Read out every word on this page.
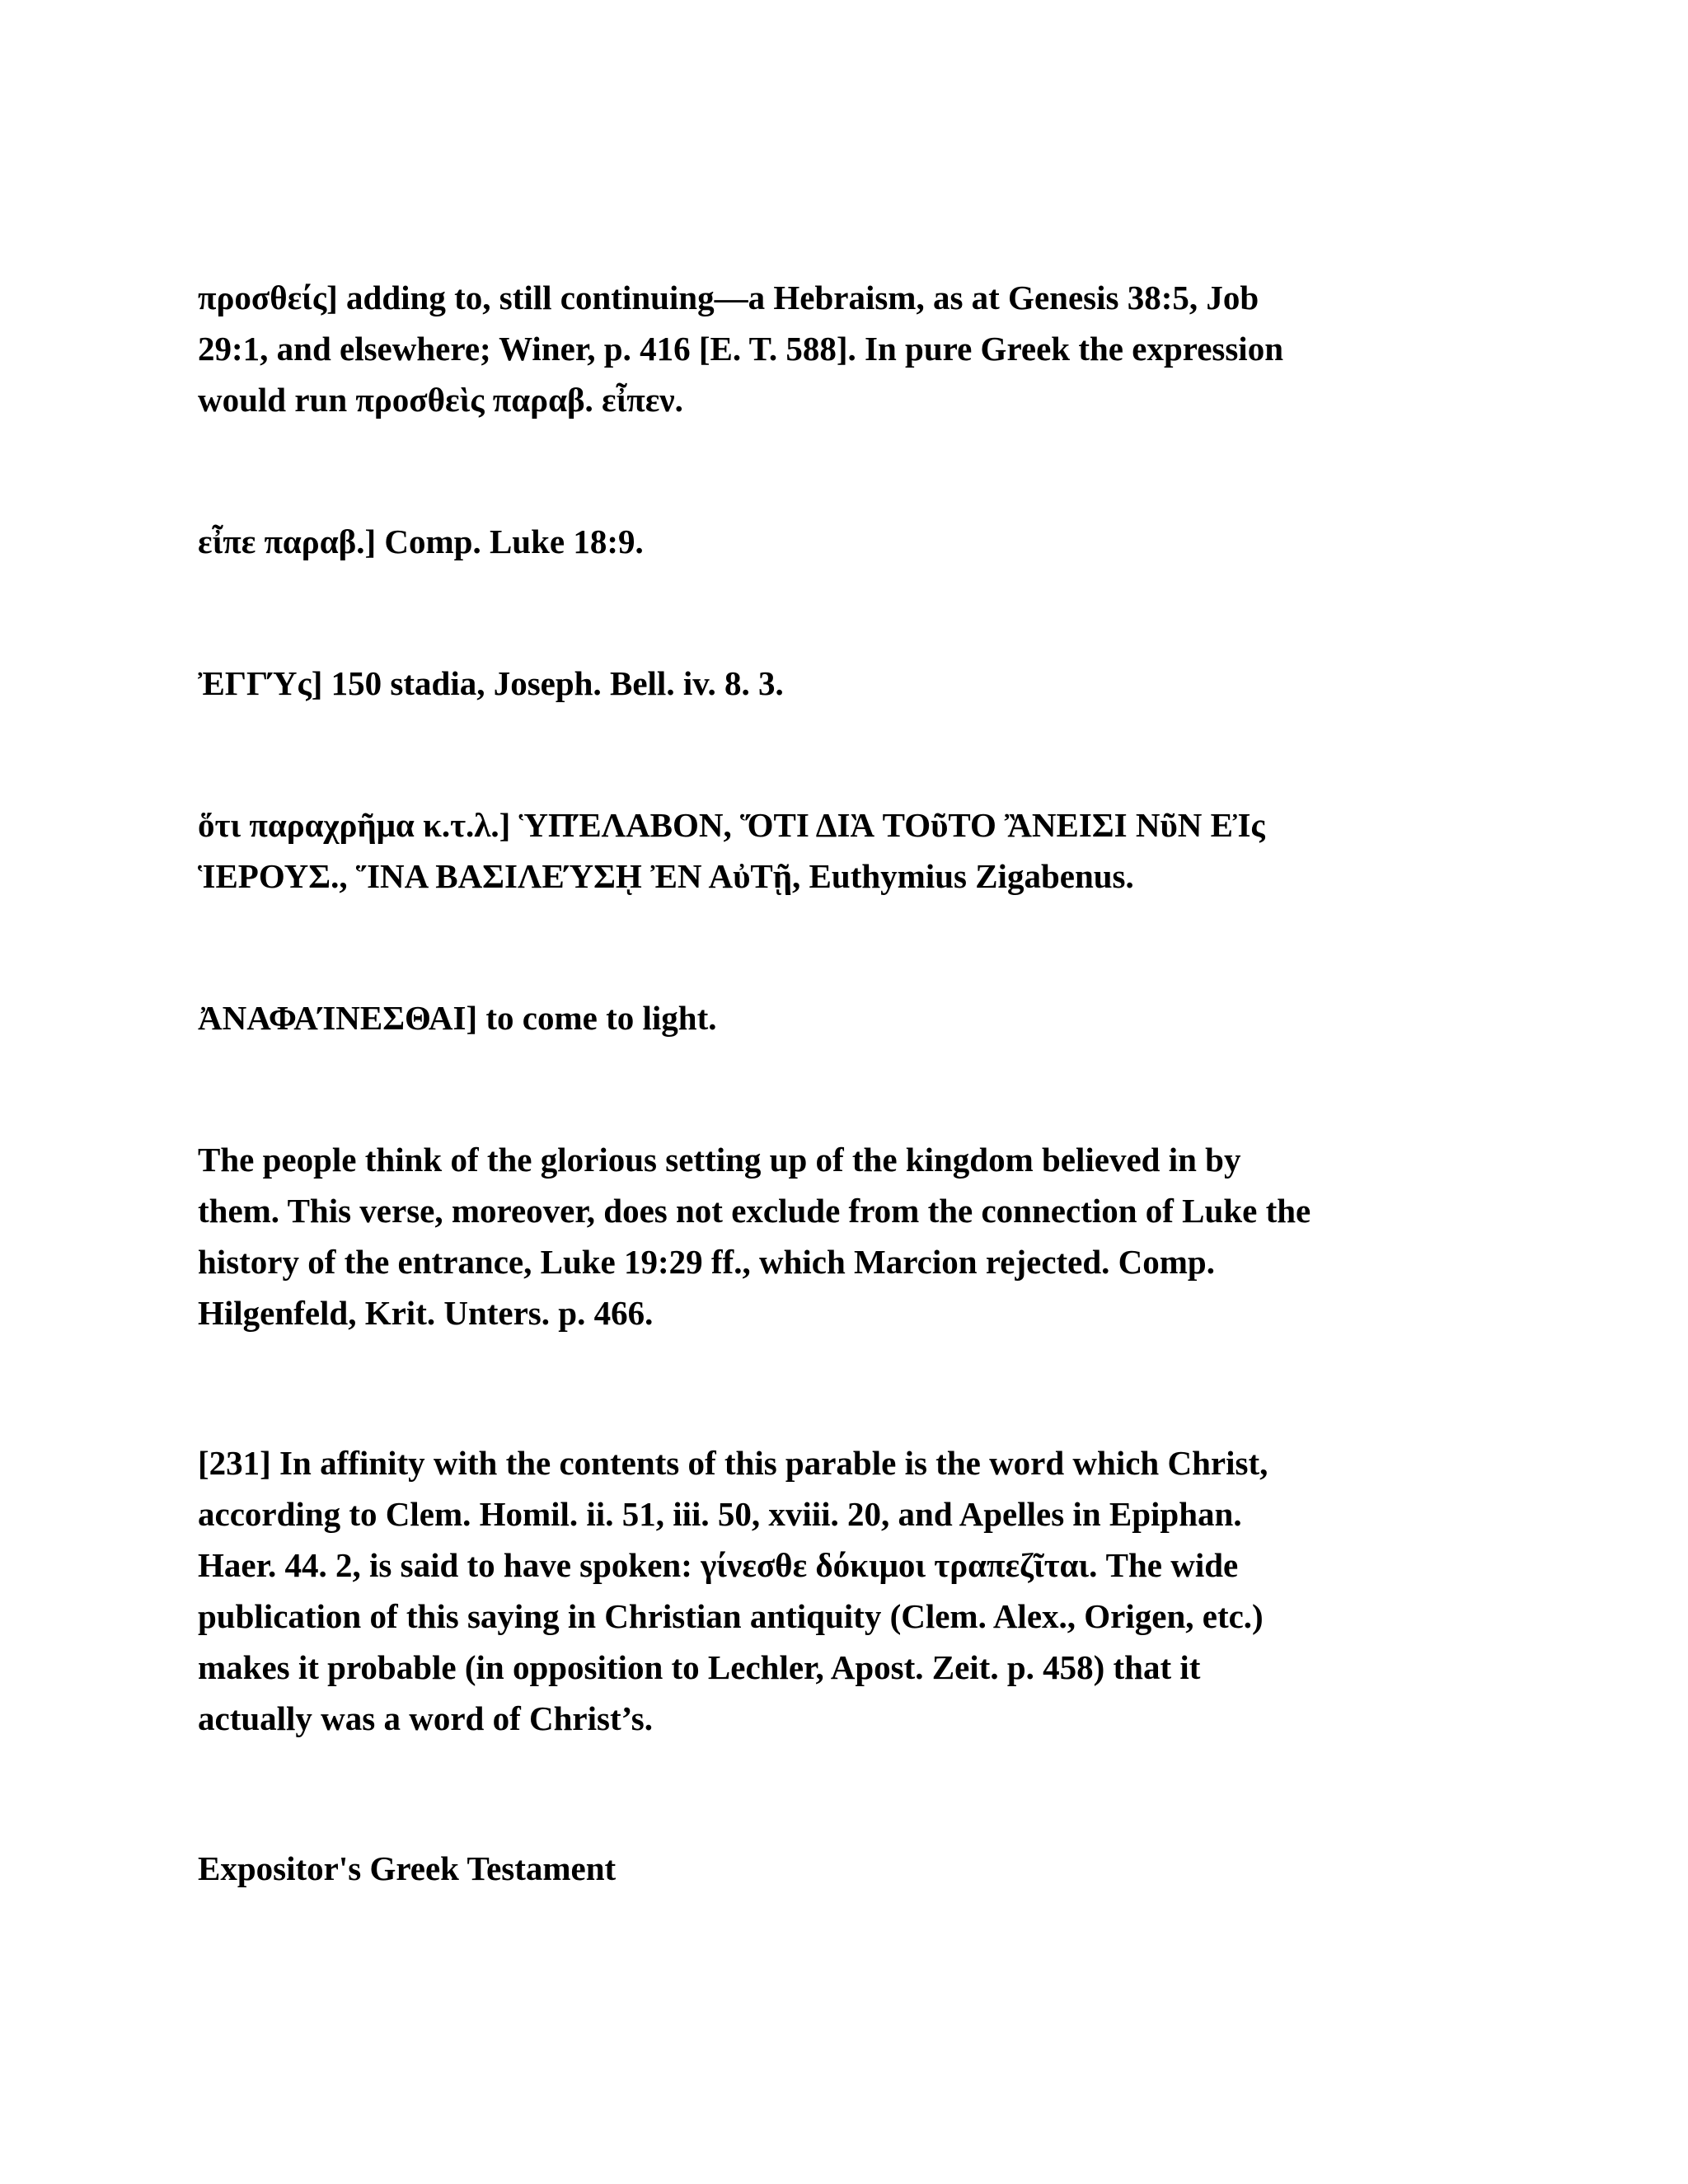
προσθείς] adding to, still continuing—a Hebraism, as at Genesis 38:5, Job
29:1, and elsewhere; Winer, p. 416 [E. T. 588]. In pure Greek the expression
would run προσθεὶς παραβ. εἶπεν.

εἶπε παραβ.] Comp. Luke 18:9.

ἘΓΓΎς] 150 stadia, Joseph. Bell. iv. 8. 3.

ὅτι παραχρῆμα κ.τ.λ.] ὙΠΈΛΑΒΟΝ, ὍΤΙ ΔΙᾺ ΤΟῦΤΟ ἊΝΕΙΣΙ ΝῦΝ ΕἸς
ἹΕΡΟΥΣ., ἽΝΑ ΒΑΣΙΛΕΎΣῌ ἘΝ ΑὐΤῇ, Euthymius Zigabenus.

ἈΝΑΦΑΊΝΕΣΘΑΙ] to come to light.

The people think of the glorious setting up of the kingdom believed in by
them. This verse, moreover, does not exclude from the connection of Luke the
history of the entrance, Luke 19:29 ff., which Marcion rejected. Comp.
Hilgenfeld, Krit. Unters. p. 466.

[231] In affinity with the contents of this parable is the word which Christ,
according to Clem. Homil. ii. 51, iii. 50, xviii. 20, and Apelles in Epiphan.
Haer. 44. 2, is said to have spoken: γίνεσθε δόκιμοι τραπεζῖται. The wide
publication of this saying in Christian antiquity (Clem. Alex., Origen, etc.)
makes it probable (in opposition to Lechler, Apost. Zeit. p. 458) that it
actually was a word of Christ’s.

Expositor's Greek Testament
